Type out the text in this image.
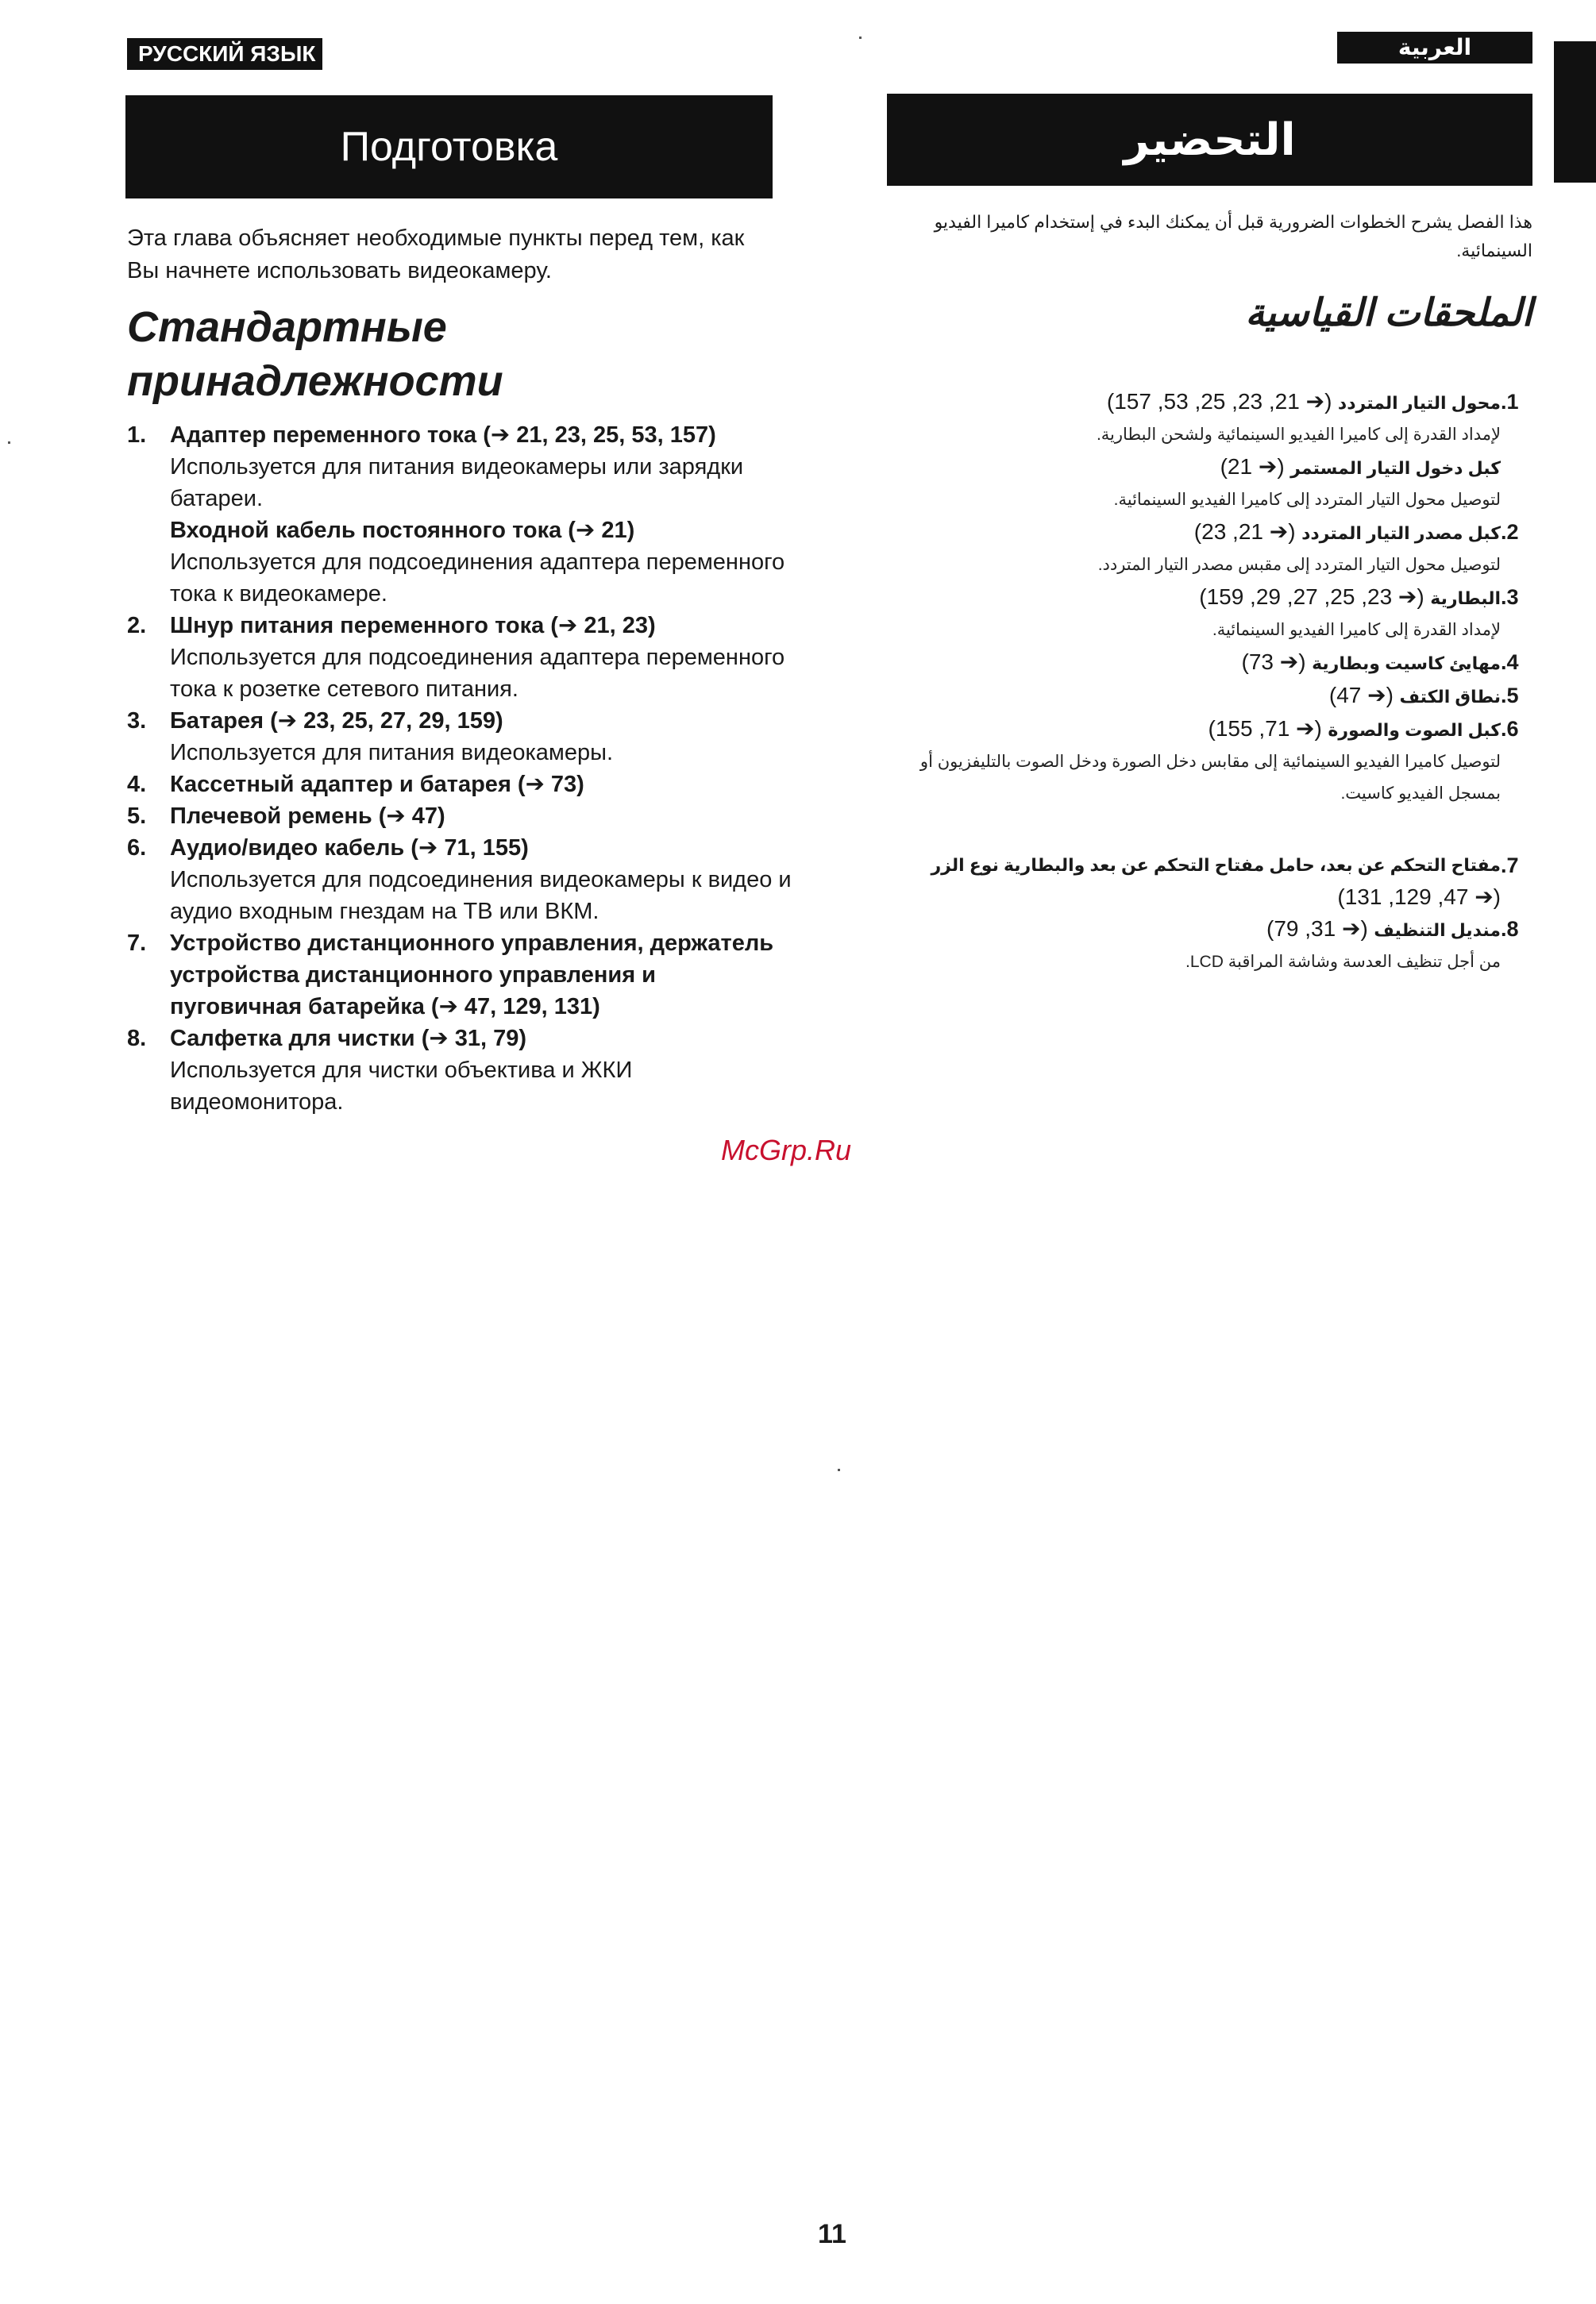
РУССКИЙ ЯЗЫК	العربية
Подготовка	التحضير
Эта глава объясняет необходимые пункты перед тем, как Вы начнете использовать видеокамеру.
Стандартные принадлежности
1.	Адаптер переменного тока (➔ 21, 23, 25, 53, 157)
Используется для питания видеокамеры или зарядки батареи.
Входной кабель постоянного тока (➔ 21)
Используется для подсоединения адаптера переменного тока к видеокамере.
2.	Шнур питания переменного тока (➔ 21, 23)
Используется для подсоединения адаптера переменного тока к розетке сетевого питания.
3.	Батарея (➔ 23, 25, 27, 29, 159)
Используется для питания видеокамеры.
4.	Кассетный адаптер и батарея (➔ 73)
5.	Плечевой ремень (➔ 47)
6.	Аудио/видео кабель (➔ 71, 155)
Используется для подсоединения видеокамеры к видео и аудио входным гнездам на ТВ или ВКМ.
7.	Устройство дистанционного управления, держатель устройства дистанционного управления и пуговичная батарейка (➔ 47, 129, 131)
8.	Салфетка для чистки (➔ 31, 79)
Используется для чистки объектива и ЖКИ видеомонитора.
هذا الفصل يشرح الخطوات الضرورية قبل أن يمكنك البدء في إستخدام كاميرا الفيديو السينمائية.
الملحقات القياسية
.1
محول التيار المتردد (➔ 21, 23, 25, 53, 157)
لإمداد القدرة إلى كاميرا الفيديو السينمائية ولشحن البطارية.
كبل دخول التيار المستمر (➔ 21)
لتوصيل محول التيار المتردد إلى كاميرا الفيديو السينمائية.
.2
كبل مصدر التيار المتردد (➔ 21, 23)
لتوصيل محول التيار المتردد إلى مقبس مصدر التيار المتردد.
.3
البطارية (➔ 23, 25, 27, 29, 159)
لإمداد القدرة إلى كاميرا الفيديو السينمائية.
.4
مهايئ كاسيت وبطارية (➔ 73)
.5
نطاق الكتف (➔ 47)
.6
كبل الصوت والصورة (➔ 71, 155)
لتوصيل كاميرا الفيديو السينمائية إلى مقابس دخل الصورة ودخل الصوت بالتليفزيون أو بمسجل الفيديو كاسيت.
.7
مفتاح التحكم عن بعد، حامل مفتاح التحكم عن بعد والبطارية نوع الزر
(➔ 47, 129, 131)
.8
منديل التنظيف (➔ 31, 79)
من أجل تنظيف العدسة وشاشة المراقبة LCD.
McGrp.Ru
11
